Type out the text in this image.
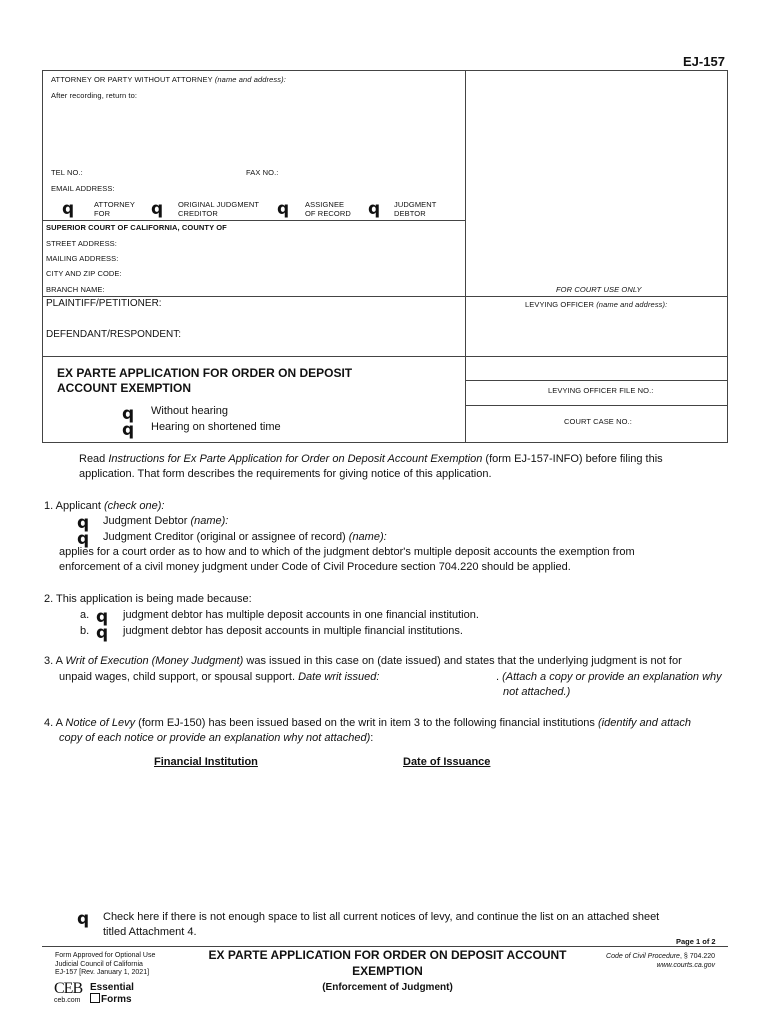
EJ-157
ATTORNEY OR PARTY WITHOUT ATTORNEY (name and address):
After recording, return to:
TEL NO.:	FAX NO.:
EMAIL ADDRESS:
q	ATTORNEY
FOR	q ORIGINAL JUDGMENT
CREDITOR	q ASSIGNEE
OF RECORD q JUDGMENT
DEBTOR
SUPERIOR COURT OF CALIFORNIA, COUNTY OF
STREET ADDRESS:
MAILING ADDRESS:
CITY AND ZIP CODE:
BRANCH NAME:	FOR COURT USE ONLY
PLAINTIFF/PETITIONER:
DEFENDANT/RESPONDENT:
LEVYING OFFICER (name and address):
EX PARTE APPLICATION FOR ORDER ON DEPOSIT
ACCOUNT EXEMPTION
q Without hearing
q Hearing on shortened time
LEVYING OFFICER FILE NO.:
COURT CASE NO.:
Read Instructions for Ex Parte Application for Order on Deposit Account Exemption (form EJ-157-INFO) before filing this
application. That form describes the requirements for giving notice of this application.
1. Applicant (check one):
q Judgment Debtor (name):
q Judgment Creditor (original or assignee of record) (name):
applies for a court order as to how and to which of the judgment debtor's multiple deposit accounts the exemption from
enforcement of a civil money judgment under Code of Civil Procedure section 704.220 should be applied.
2. This application is being made because:
a. q judgment debtor has multiple deposit accounts in one financial institution.
b. q judgment debtor has deposit accounts in multiple financial institutions.
3. A Writ of Execution (Money Judgment) was issued in this case on (date issued) and states that the underlying judgment is not for
unpaid wages, child support, or spousal support. Date writ issued:	. (Attach a copy or provide an explanation why
not attached.)
4. A Notice of Levy (form EJ-150) has been issued based on the writ in item 3 to the following financial institutions (identify and attach
copy of each notice or provide an explanation why not attached):
Financial Institution	Date of Issuance
q Check here if there is not enough space to list all current notices of levy, and continue the list on an attached sheet
titled Attachment 4.
Page 1 of 2
Form Approved for Optional Use
Judicial Council of California
EJ-157 [Rev. January 1, 2021]
EX PARTE APPLICATION FOR ORDER ON DEPOSIT ACCOUNT
EXEMPTION
(Enforcement of Judgment)
Code of Civil Procedure, § 704.220
www.courts.ca.gov
CEB
ceb.com
Essential
Forms
